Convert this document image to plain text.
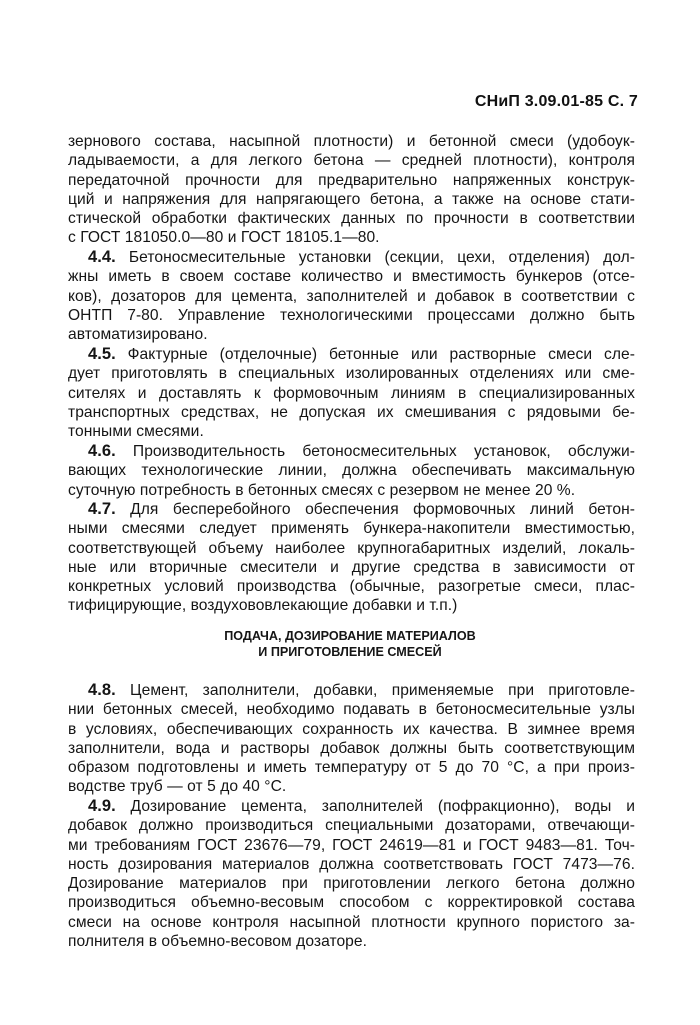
СНиП 3.09.01-85 С. 7
зернового состава, насыпной плотности) и бетонной смеси (удобоук-
ладываемости, а для легкого бетона — средней плотности), контроля
передаточной прочности для предварительно напряженных конструк-
ций и напряжения для напрягающего бетона, а также на основе стати-
стической обработки фактических данных по прочности в соответствии
с ГОСТ 181050.0—80 и ГОСТ 18105.1—80.
4.4. Бетоносмесительные установки (секции, цехи, отделения) дол-
жны иметь в своем составе количество и вместимость бункеров (отсе-
ков), дозаторов для цемента, заполнителей и добавок в соответствии с
ОНТП 7-80. Управление технологическими процессами должно быть
автоматизировано.
4.5. Фактурные (отделочные) бетонные или растворные смеси сле-
дует приготовлять в специальных изолированных отделениях или сме-
сителях и доставлять к формовочным линиям в специализированных
транспортных средствах, не допуская их смешивания с рядовыми бе-
тонными смесями.
4.6. Производительность бетоносмесительных установок, обслужи-
вающих технологические линии, должна обеспечивать максимальную
суточную потребность в бетонных смесях с резервом не менее 20 %.
4.7. Для бесперебойного обеспечения формовочных линий бетон-
ными смесями следует применять бункера-накопители вместимостью,
соответствующей объему наиболее крупногабаритных изделий, локаль-
ные или вторичные смесители и другие средства в зависимости от
конкретных условий производства (обычные, разогретые смеси, плас-
тифицирующие, воздухововлекающие добавки и т.п.)
ПОДАЧА, ДОЗИРОВАНИЕ МАТЕРИАЛОВ
И ПРИГОТОВЛЕНИЕ СМЕСЕЙ
4.8. Цемент, заполнители, добавки, применяемые при приготовле-
нии бетонных смесей, необходимо подавать в бетоносмесительные узлы
в условиях, обеспечивающих сохранность их качества. В зимнее время
заполнители, вода и растворы добавок должны быть соответствующим
образом подготовлены и иметь температуру от 5 до 70 °С, а при произ-
водстве труб — от 5 до 40 °С.
4.9. Дозирование цемента, заполнителей (пофракционно), воды и
добавок должно производиться специальными дозаторами, отвечающи-
ми требованиям ГОСТ 23676—79, ГОСТ 24619—81 и ГОСТ 9483—81. Точ-
ность дозирования материалов должна соответствовать ГОСТ 7473—76.
Дозирование материалов при приготовлении легкого бетона должно
производиться объемно-весовым способом с корректировкой состава
смеси на основе контроля насыпной плотности крупного пористого за-
полнителя в объемно-весовом дозаторе.
